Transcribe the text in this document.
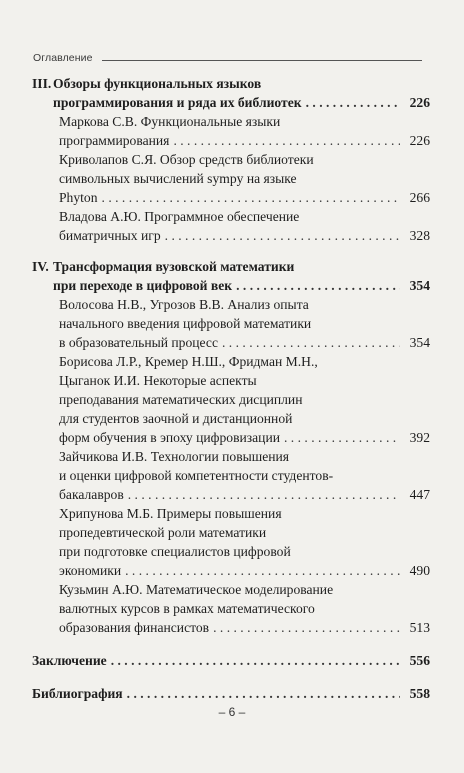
Оглавление
III. Обзоры функциональных языков
программирования и ряда их библиотек . . .	226
Маркова С.В. Функциональные языки
программирования . . .	226
Криволапов С.Я. Обзор средств библиотеки
символьных вычислений sympy на языке
Phyton . . .	266
Владова А.Ю. Программное обеспечение
биматричных игр . . .	328
IV. Трансформация вузовской математики
при переходе в цифровой век . . .	354
Волосова Н.В., Угрозов В.В. Анализ опыта
начального введения цифровой математики
в образовательный процесс . . .	354
Борисова Л.Р., Кремер Н.Ш., Фридман М.Н.,
Цыганок И.И. Некоторые аспекты
преподавания математических дисциплин
для студентов заочной и дистанционной
форм обучения в эпоху цифровизации . . .	392
Зайчикова И.В. Технологии повышения
и оценки цифровой компетентности студентов-
бакалавров . . .	447
Хрипунова М.Б. Примеры повышения
пропедевтической роли математики
при подготовке специалистов цифровой
экономики . . .	490
Кузьмин А.Ю. Математическое моделирование
валютных курсов в рамках математического
образования финансистов . . .	513
Заключение . . .	556
Библиография . . .	558
– 6 –
